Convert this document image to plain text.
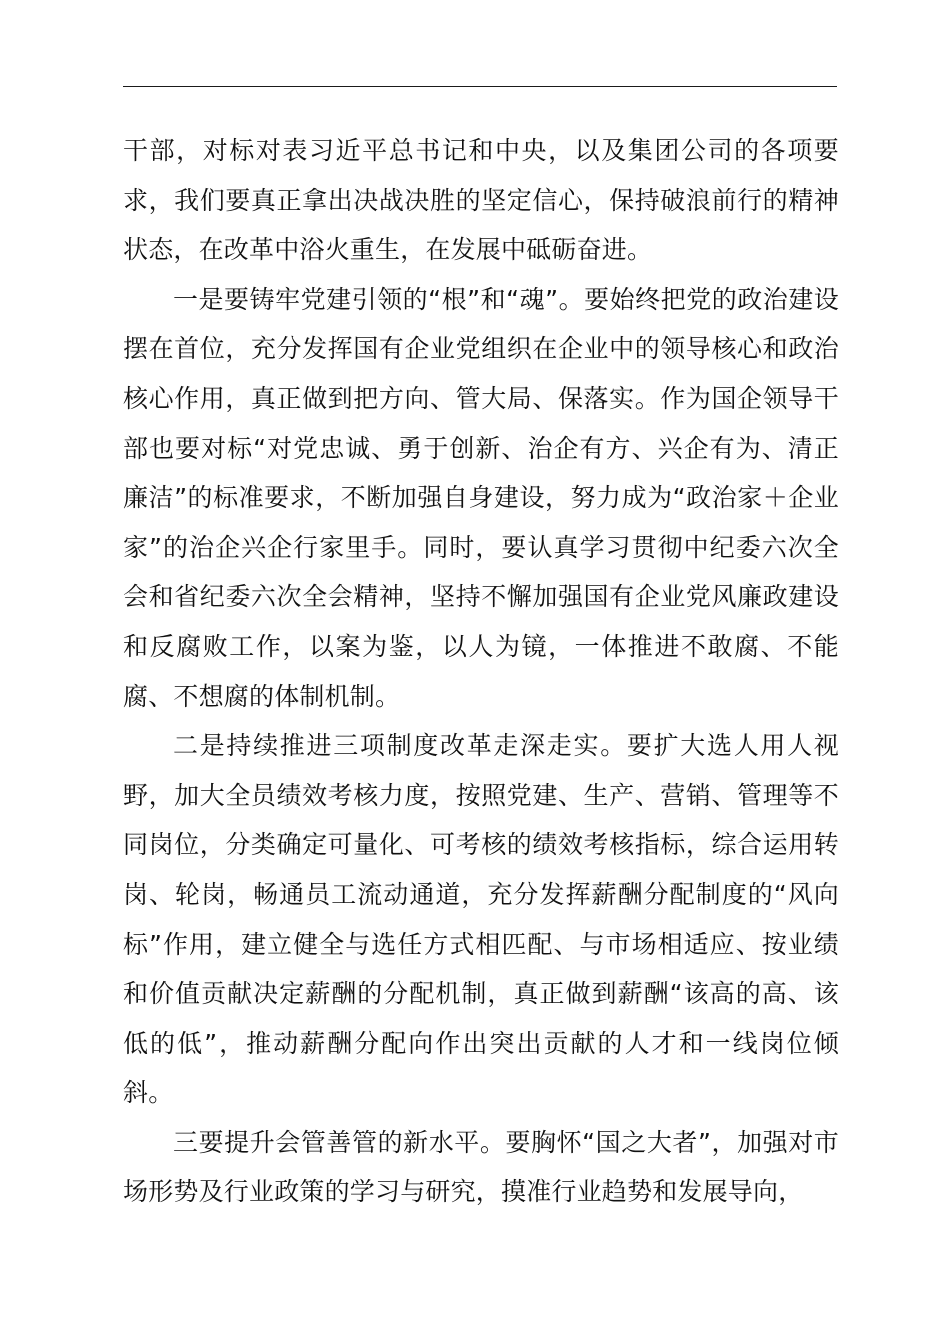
干部，对标对表习近平总书记和中央，以及集团公司的各项要求，我们要真正拿出决战决胜的坚定信心，保持破浪前行的精神状态，在改革中浴火重生，在发展中砥砺奋进。

一是要铸牢党建引领的“根”和“魂”。要始终把党的政治建设摆在首位，充分发挥国有企业党组织在企业中的领导核心和政治核心作用，真正做到把方向、管大局、保落实。作为国企领导干部也要对标“对党忠诚、勇于创新、治企有方、兴企有为、清正廉洁”的标准要求，不断加强自身建设，努力成为“政治家＋企业家”的治企兴企行家里手。同时，要认真学习贯彻中纪委六次全会和省纪委六次全会精神，坚持不懈加强国有企业党风廉政建设和反腐败工作，以案为鉴，以人为镜，一体推进不敢腐、不能腐、不想腐的体制机制。

二是持续推进三项制度改革走深走实。要扩大选人用人视野，加大全员绩效考核力度，按照党建、生产、营销、管理等不同岗位，分类确定可量化、可考核的绩效考核指标，综合运用转岗、轮岗，畅通员工流动通道，充分发挥薪酬分配制度的“风向标”作用，建立健全与选任方式相匹配、与市场相适应、按业绩和价值贡献决定薪酬的分配机制，真正做到薪酬“该高的高、该低的低”，推动薪酬分配向作出突出贡献的人才和一线岗位倾斜。

三要提升会管善管的新水平。要胸怀“国之大者”，加强对市场形势及行业政策的学习与研究，摸准行业趋势和发展导向，
